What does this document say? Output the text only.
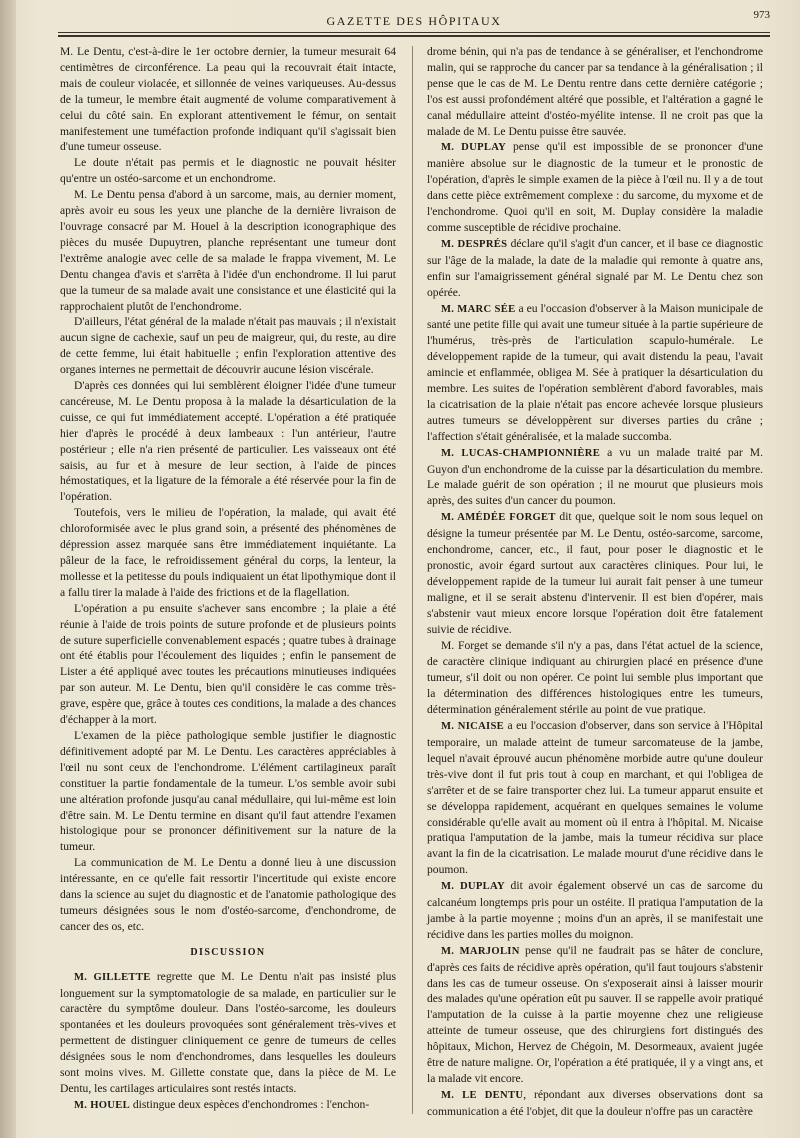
GAZETTE DES HÔPITAUX	973

M. Le Dentu, c'est-à-dire le 1er octobre dernier, la tumeur mesurait 64 centimètres de circonférence. La peau qui la recouvrait était intacte, mais de couleur violacée, et sillonnée de veines variqueuses. Au-dessus de la tumeur, le membre était augmenté de volume comparativement à celui du côté sain. En explorant attentivement le fémur, on sentait manifestement une tuméfaction profonde indiquant qu'il s'agissait bien d'une tumeur osseuse.

Le doute n'était pas permis et le diagnostic ne pouvait hésiter qu'entre un ostéo-sarcome et un enchondrome.

M. Le Dentu pensa d'abord à un sarcome, mais, au dernier moment, après avoir eu sous les yeux une planche de la dernière livraison de l'ouvrage consacré par M. Houel à la description iconographique des pièces du musée Dupuytren, planche représentant une tumeur dont l'extrême analogie avec celle de sa malade le frappa vivement, M. Le Dentu changea d'avis et s'arrêta à l'idée d'un enchondrome. Il lui parut que la tumeur de sa malade avait une consistance et une élasticité qui la rapprochaient plutôt de l'enchondrome.

D'ailleurs, l'état général de la malade n'était pas mauvais ; il n'existait aucun signe de cachexie, sauf un peu de maigreur, qui, du reste, au dire de cette femme, lui était habituelle ; enfin l'exploration attentive des organes internes ne permettait de découvrir aucune lésion viscérale.

D'après ces données qui lui semblèrent éloigner l'idée d'une tumeur cancéreuse, M. Le Dentu proposa à la malade la désarticulation de la cuisse, ce qui fut immédiatement accepté. L'opération a été pratiquée hier d'après le procédé à deux lambeaux : l'un antérieur, l'autre postérieur ; elle n'a rien présenté de particulier. Les vaisseaux ont été saisis, au fur et à mesure de leur section, à l'aide de pinces hémostatiques, et la ligature de la fémorale a été réservée pour la fin de l'opération.

Toutefois, vers le milieu de l'opération, la malade, qui avait été chloroformisée avec le plus grand soin, a présenté des phénomènes de dépression assez marquée sans être immédiatement inquiétante. La pâleur de la face, le refroidissement général du corps, la lenteur, la mollesse et la petitesse du pouls indiquaient un état lipothymique dont il a fallu tirer la malade à l'aide des frictions et de la flagellation.

L'opération a pu ensuite s'achever sans encombre ; la plaie a été réunie à l'aide de trois points de suture profonde et de plusieurs points de suture superficielle convenablement espacés ; quatre tubes à drainage ont été établis pour l'écoulement des liquides ; enfin le pansement de Lister a été appliqué avec toutes les précautions minutieuses indiquées par son auteur. M. Le Dentu, bien qu'il considère le cas comme très-grave, espère que, grâce à toutes ces conditions, la malade a des chances d'échapper à la mort.

L'examen de la pièce pathologique semble justifier le diagnostic définitivement adopté par M. Le Dentu. Les caractères appréciables à l'œil nu sont ceux de l'enchondrome. L'élément cartilagineux paraît constituer la partie fondamentale de la tumeur. L'os semble avoir subi une altération profonde jusqu'au canal médullaire, qui lui-même est loin d'être sain. M. Le Dentu termine en disant qu'il faut attendre l'examen histologique pour se prononcer définitivement sur la nature de la tumeur.

La communication de M. Le Dentu a donné lieu à une discussion intéressante, en ce qu'elle fait ressortir l'incertitude qui existe encore dans la science au sujet du diagnostic et de l'anatomie pathologique des tumeurs désignées sous le nom d'ostéo-sarcome, d'enchondrome, de cancer des os, etc.

DISCUSSION

M. GILLETTE regrette que M. Le Dentu n'ait pas insisté plus longuement sur la symptomatologie de sa malade, en particulier sur le caractère du symptôme douleur. Dans l'ostéo-sarcome, les douleurs spontanées et les douleurs provoquées sont généralement très-vives et permettent de distinguer cliniquement ce genre de tumeurs de celles désignées sous le nom d'enchondromes, dans lesquelles les douleurs sont moins vives. M. Gillette constate que, dans la pièce de M. Le Dentu, les cartilages articulaires sont restés intacts.

M. HOUEL distingue deux espèces d'enchondromes : l'enchon-

drome bénin, qui n'a pas de tendance à se généraliser, et l'enchondrome malin, qui se rapproche du cancer par sa tendance à la généralisation ; il pense que le cas de M. Le Dentu rentre dans cette dernière catégorie ; l'os est aussi profondément altéré que possible, et l'altération a gagné le canal médullaire atteint d'ostéo-myélite intense. Il ne croit pas que la malade de M. Le Dentu puisse être sauvée.

M. DUPLAY pense qu'il est impossible de se prononcer d'une manière absolue sur le diagnostic de la tumeur et le pronostic de l'opération, d'après le simple examen de la pièce à l'œil nu. Il y a de tout dans cette pièce extrêmement complexe : du sarcome, du myxome et de l'enchondrome. Quoi qu'il en soit, M. Duplay considère la maladie comme susceptible de récidive prochaine.

M. DESPRÉS déclare qu'il s'agit d'un cancer, et il base ce diagnostic sur l'âge de la malade, la date de la maladie qui remonte à quatre ans, enfin sur l'amaigrissement général signalé par M. Le Dentu chez son opérée.

M. MARC SÉE a eu l'occasion d'observer à la Maison municipale de santé une petite fille qui avait une tumeur située à la partie supérieure de l'humérus, très-près de l'articulation scapulo-humérale. Le développement rapide de la tumeur, qui avait distendu la peau, l'avait amincie et enflammée, obligea M. Sée à pratiquer la désarticulation du membre. Les suites de l'opération semblèrent d'abord favorables, mais la cicatrisation de la plaie n'était pas encore achevée lorsque plusieurs autres tumeurs se développèrent sur diverses parties du crâne ; l'affection s'était généralisée, et la malade succomba.

M. LUCAS-CHAMPIONNIÈRE a vu un malade traité par M. Guyon d'un enchondrome de la cuisse par la désarticulation du membre. Le malade guérit de son opération ; il ne mourut que plusieurs mois après, des suites d'un cancer du poumon.

M. AMÉDÉE FORGET dit que, quelque soit le nom sous lequel on désigne la tumeur présentée par M. Le Dentu, ostéo-sarcome, sarcome, enchondrome, cancer, etc., il faut, pour poser le diagnostic et le pronostic, avoir égard surtout aux caractères cliniques. Pour lui, le développement rapide de la tumeur lui aurait fait penser à une tumeur maligne, et il se serait abstenu d'intervenir. Il est bien d'opérer, mais s'abstenir vaut mieux encore lorsque l'opération doit être fatalement suivie de récidive.

M. Forget se demande s'il n'y a pas, dans l'état actuel de la science, de caractère clinique indiquant au chirurgien placé en présence d'une tumeur, s'il doit ou non opérer. Ce point lui semble plus important que la détermination des différences histologiques entre les tumeurs, détermination généralement stérile au point de vue pratique.

M. NICAISE a eu l'occasion d'observer, dans son service à l'Hôpital temporaire, un malade atteint de tumeur sarcomateuse de la jambe, lequel n'avait éprouvé aucun phénomène morbide autre qu'une douleur très-vive dont il fut pris tout à coup en marchant, et qui l'obligea de s'arrêter et de se faire transporter chez lui. La tumeur apparut ensuite et se développa rapidement, acquérant en quelques semaines le volume considérable qu'elle avait au moment où il entra à l'hôpital. M. Nicaise pratiqua l'amputation de la jambe, mais la tumeur récidiva sur place avant la fin de la cicatrisation. Le malade mourut d'une récidive dans le poumon.

M. DUPLAY dit avoir également observé un cas de sarcome du calcanéum longtemps pris pour un ostéite. Il pratiqua l'amputation de la jambe à la partie moyenne ; moins d'un an après, il se manifestait une récidive dans les parties molles du moignon.

M. MARJOLIN pense qu'il ne faudrait pas se hâter de conclure, d'après ces faits de récidive après opération, qu'il faut toujours s'abstenir dans les cas de tumeur osseuse. On s'exposerait ainsi à laisser mourir des malades qu'une opération eût pu sauver. Il se rappelle avoir pratiqué l'amputation de la cuisse à la partie moyenne chez une religieuse atteinte de tumeur osseuse, que des chirurgiens fort distingués des hôpitaux, Michon, Hervez de Chégoin, M. Desormeaux, avaient jugée être de nature maligne. Or, l'opération a été pratiquée, il y a vingt ans, et la malade vit encore.

M. LE DENTU, répondant aux diverses observations dont sa communication a été l'objet, dit que la douleur n'offre pas un caractère
